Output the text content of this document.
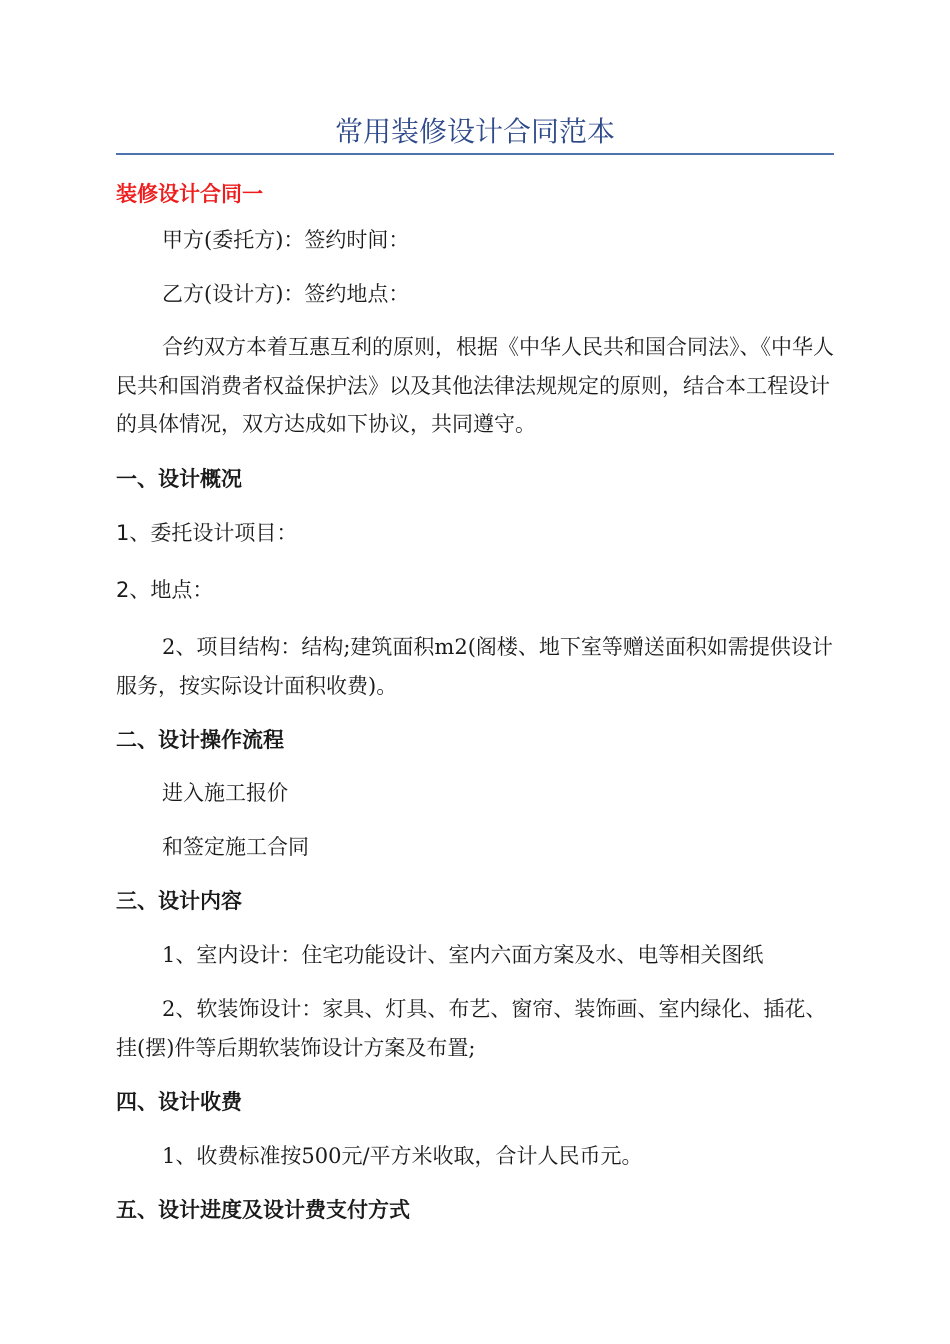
常用装修设计合同范本
装修设计合同一
甲方(委托方)：签约时间：
乙方(设计方)：签约地点：
合约双方本着互惠互利的原则，根据《中华人民共和国合同法》、《中华人民共和国消费者权益保护法》以及其他法律法规规定的原则，结合本工程设计的具体情况，双方达成如下协议，共同遵守。
一、设计概况
1、委托设计项目：
2、地点：
2、项目结构：结构;建筑面积m2(阁楼、地下室等赠送面积如需提供设计服务，按实际设计面积收费)。
二、设计操作流程
进入施工报价
和签定施工合同
三、设计内容
1、室内设计：住宅功能设计、室内六面方案及水、电等相关图纸
2、软装饰设计：家具、灯具、布艺、窗帘、装饰画、室内绿化、插花、挂(摆)件等后期软装饰设计方案及布置;
四、设计收费
1、收费标准按500元/平方米收取，合计人民币元。
五、设计进度及设计费支付方式
